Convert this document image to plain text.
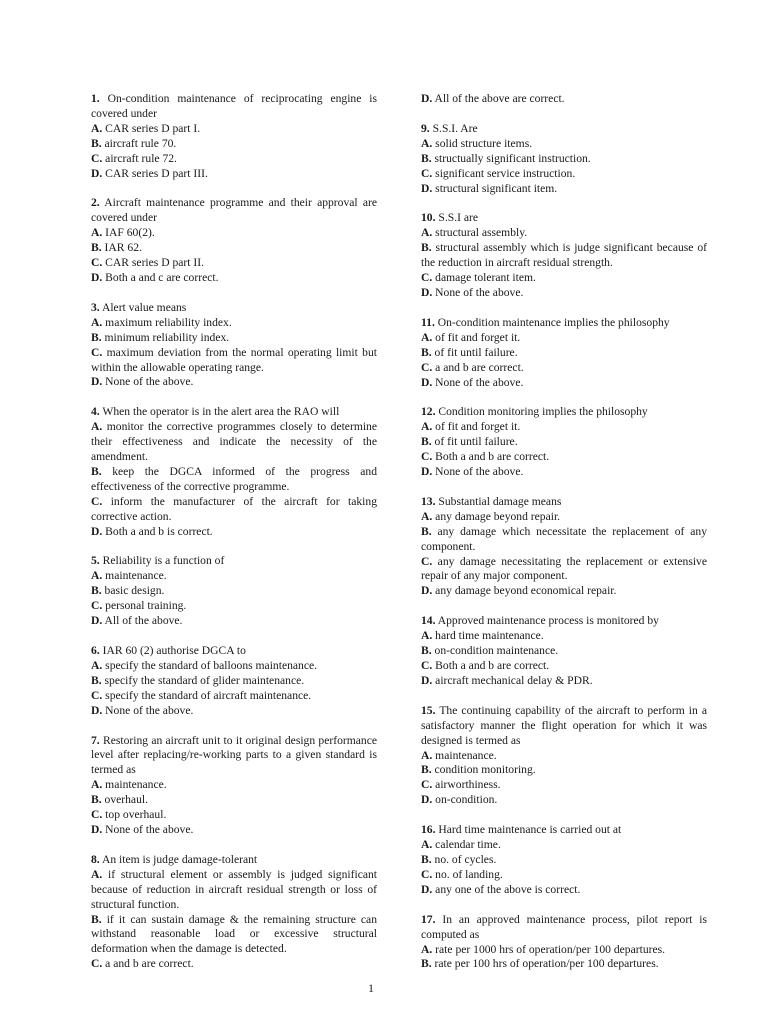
1. On-condition maintenance of reciprocating engine is covered under
A. CAR series D part I.
B. aircraft rule 70.
C. aircraft rule 72.
D. CAR series D part III.
2. Aircraft maintenance programme and their approval are covered under
A. IAF 60(2).
B. IAR 62.
C. CAR series D part II.
D. Both a and c are correct.
3. Alert value means
A. maximum reliability index.
B. minimum reliability index.
C. maximum deviation from the normal operating limit but within the allowable operating range.
D. None of the above.
4. When the operator is in the alert area the RAO will
A. monitor the corrective programmes closely to determine their effectiveness and indicate the necessity of the amendment.
B. keep the DGCA informed of the progress and effectiveness of the corrective programme.
C. inform the manufacturer of the aircraft for taking corrective action.
D. Both a and b is correct.
5. Reliability is a function of
A. maintenance.
B. basic design.
C. personal training.
D. All of the above.
6. IAR 60 (2) authorise DGCA to
A. specify the standard of balloons maintenance.
B. specify the standard of glider maintenance.
C. specify the standard of aircraft maintenance.
D. None of the above.
7. Restoring an aircraft unit to it original design performance level after replacing/re-working parts to a given standard is termed as
A. maintenance.
B. overhaul.
C. top overhaul.
D. None of the above.
8. An item is judge damage-tolerant
A. if structural element or assembly is judged significant because of reduction in aircraft residual strength or loss of structural function.
B. if it can sustain damage & the remaining structure can withstand reasonable load or excessive structural deformation when the damage is detected.
C. a and b are correct.
D. All of the above are correct.
9. S.S.I. Are
A. solid structure items.
B. structually significant instruction.
C. significant service instruction.
D. structural significant item.
10. S.S.I are
A. structural assembly.
B. structural assembly which is judge significant because of the reduction in aircraft residual strength.
C. damage tolerant item.
D. None of the above.
11. On-condition maintenance implies the philosophy
A. of fit and forget it.
B. of fit until failure.
C. a and b are correct.
D. None of the above.
12. Condition monitoring implies the philosophy
A. of fit and forget it.
B. of fit until failure.
C. Both a and b are correct.
D. None of the above.
13. Substantial damage means
A. any damage beyond repair.
B. any damage which necessitate the replacement of any component.
C. any damage necessitating the replacement or extensive repair of any major component.
D. any damage beyond economical repair.
14. Approved maintenance process is monitored by
A. hard time maintenance.
B. on-condition maintenance.
C. Both a and b are correct.
D. aircraft mechanical delay & PDR.
15. The continuing capability of the aircraft to perform in a satisfactory manner the flight operation for which it was designed is termed as
A. maintenance.
B. condition monitoring.
C. airworthiness.
D. on-condition.
16. Hard time maintenance is carried out at
A. calendar time.
B. no. of cycles.
C. no. of landing.
D. any one of the above is correct.
17. In an approved maintenance process, pilot report is computed as
A. rate per 1000 hrs of operation/per 100 departures.
B. rate per 100 hrs of operation/per 100 departures.
1
